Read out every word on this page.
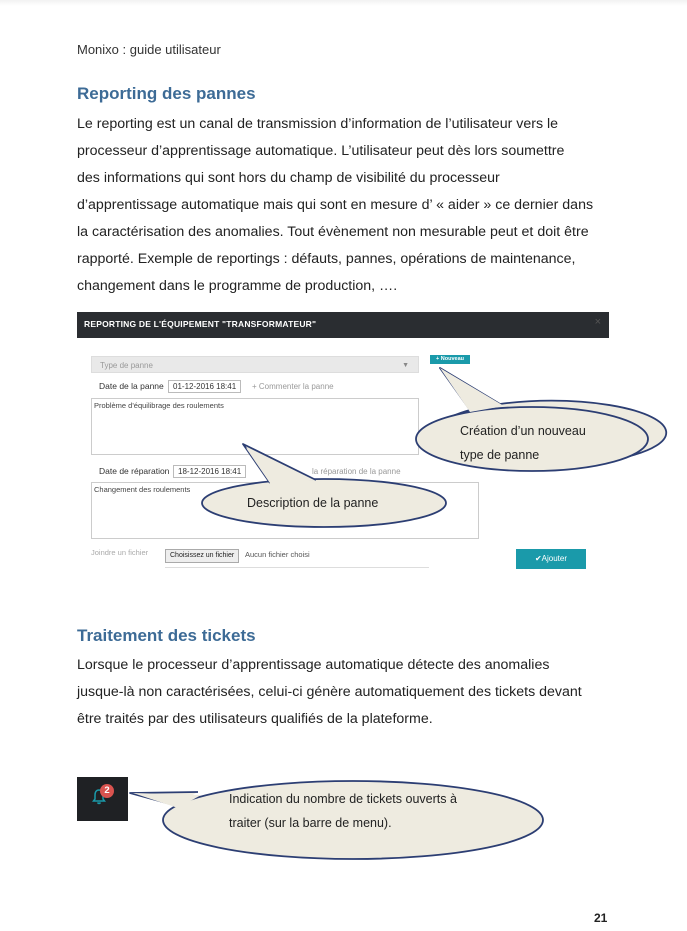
Monixo : guide utilisateur
Reporting des pannes

Le reporting est un canal de transmission d’information de l’utilisateur vers le

processeur d’apprentissage automatique. L’utilisateur peut dès lors soumettre

des informations qui sont hors du champ de visibilité du processeur

d’apprentissage automatique mais qui sont en mesure d’ « aider » ce dernier dans

la caractérisation des anomalies. Tout évènement non mesurable peut et doit être

rapporté. Exemple de reportings : défauts, pannes, opérations de maintenance,

changement dans le programme de production, ….

REPORTING DE L'ÉQUIPEMENT "TRANSFORMATEUR"	×
Type de panne	▼
+ Nouveau
Date de la panne	01-12-2016 18:41	+ Commenter la panne
Problème d'équilibrage des roulements
Date de réparation	18-12-2016 18:41	la réparation de la panne
Changement des roulements
Joindre un fichier	Choisissez un fichier	Aucun fichier choisi	✔Ajouter
Création d’un nouveau
type de panne
Description de la panne
Traitement des tickets

Lorsque le processeur d’apprentissage automatique détecte des anomalies

jusque-là non caractérisées, celui-ci génère automatiquement des tickets devant

être traités par des utilisateurs qualifiés de la plateforme.

2
Indication du nombre de tickets ouverts à
traiter (sur la barre de menu).
21
